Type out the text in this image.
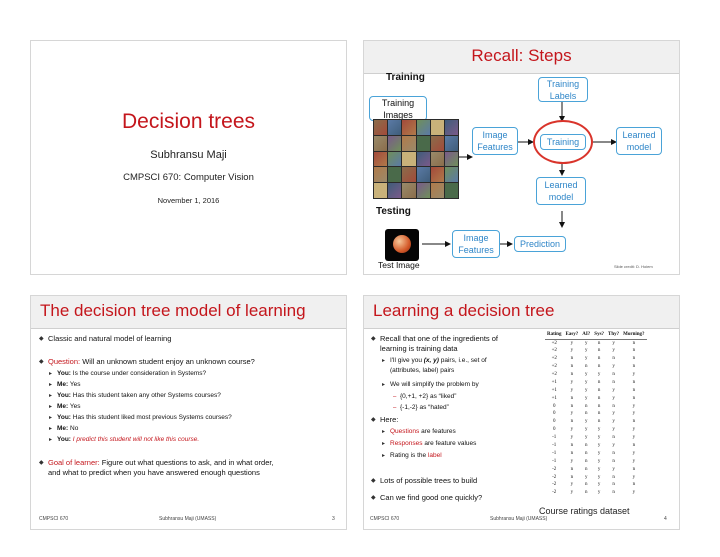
Decision trees
Subhransu Maji
CMPSCI 670: Computer Vision
November 1, 2016
Recall: Steps
Training
Training
Labels
Training
Images
Image
Features	Training
Learned
model
Learned
model
Testing
Image
Features
Prediction
Test Image	Slide credit: D. Hoiem
The decision tree model of learning
◆ Classic and natural model of learning
◆ Question: Will an unknown student enjoy an unknown course?
▸ You: Is the course under consideration in Systems?
▸ Me: Yes
▸ You: Has this student taken any other Systems courses?
▸ Me: Yes
▸ You: Has this student liked most previous Systems courses?
▸ Me: No
▸ You: I predict this student will not like this course.
◆ Goal of learner: Figure out what questions to ask, and in what order,
and what to predict when you have answered enough questions
CMPSCI 670	Subhransu Maji (UMASS)	3
Learning a decision tree
◆ Recall that one of the ingredients of
learning is training data
▸ I'll give you (x, y) pairs, i.e., set of
(attributes, label) pairs
▸ We will simplify the problem by
– {0,+1, +2} as “liked”
– {-1,-2} as “hated”
◆ Here:
▸ Questions are features
▸ Responses are feature values
▸ Rating is the label
◆ Lots of possible trees to build
◆ Can we find good one quickly?
Rating	Easy?	AI?	Sys?	Thy?	Morning?
+2	y	y	n	y	n
+2	y	y	n	y	n
+2	n	y	n	n	n
+2	n	n	n	y	n
+2	n	y	y	n	y
+1	y	y	n	n	n
+1	y	y	n	y	n
+1	n	y	n	y	n
0	n	n	n	n	y
0	y	n	n	y	y
0	n	y	n	y	n
0	y	y	y	y	y
-1	y	y	y	n	y
-1	n	n	y	y	n
-1	n	n	y	n	y
-1	y	n	y	n	y
-2	n	n	y	y	n
-2	n	y	y	n	y
-2	y	n	y	n	n
-2	y	n	y	n	y
Course ratings dataset
CMPSCI 670	Subhransu Maji (UMASS)	4
